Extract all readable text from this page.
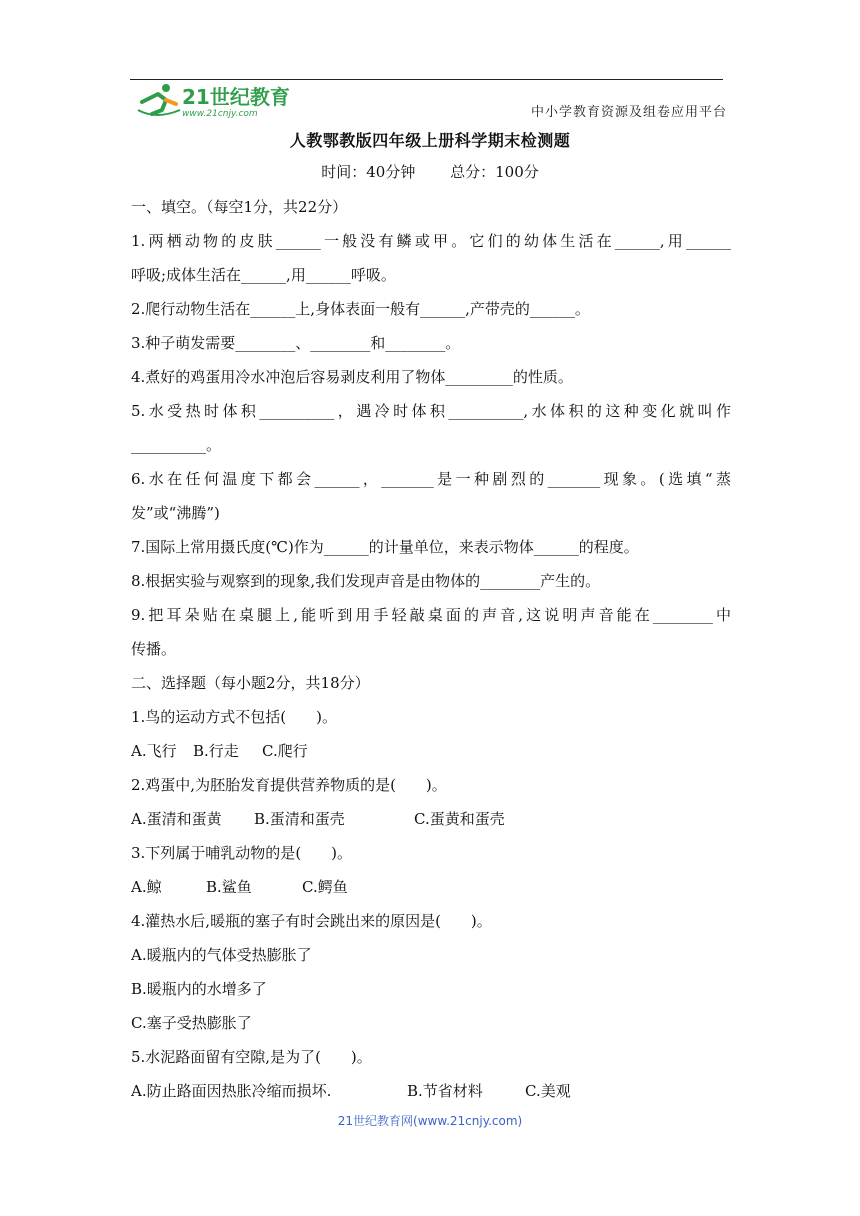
21世纪教育
www.21cnjy.com	中小学教育资源及组卷应用平台
人教鄂教版四年级上册科学期末检测题
时间：40分钟 总分：100分
一、填空。（每空1分，共22分）
1.两栖动物的皮肤______一般没有鳞或甲。它们的幼体生活在______,用______
呼吸;成体生活在______,用______呼吸。
2.爬行动物生活在______上,身体表面一般有______,产带壳的______。
3.种子萌发需要________、________和________。
4.煮好的鸡蛋用冷水冲泡后容易剥皮利用了物体_________的性质。
5.水受热时体积__________，遇冷时体积__________,水体积的这种变化就叫作
__________。
6.水在任何温度下都会______，_______是一种剧烈的_______现象。(选填“蒸
发”或“沸腾”)
7.国际上常用摄氏度(℃)作为______的计量单位，来表示物体______的程度。
8.根据实验与观察到的现象,我们发现声音是由物体的________产生的。
9.把耳朵贴在桌腿上,能听到用手轻敲桌面的声音,这说明声音能在________中
传播。
二、选择题（每小题2分，共18分）
1.鸟的运动方式不包括(　　)。
A.飞行 B.行走 C.爬行
2.鸡蛋中,为胚胎发育提供营养物质的是(　　)。
A.蛋清和蛋黄 B.蛋清和蛋壳	C.蛋黄和蛋壳
3.下列属于哺乳动物的是(　　)。
A.鲸	B.鲨鱼	C.鳄鱼
4.灌热水后,暖瓶的塞子有时会跳出来的原因是(　　)。
A.暖瓶内的气体受热膨胀了
B.暖瓶内的水增多了
C.塞子受热膨胀了
5.水泥路面留有空隙,是为了(　　)。
A.防止路面因热胀冷缩而损坏.	B.节省材料	C.美观
21世纪教育网(www.21cnjy.com)
